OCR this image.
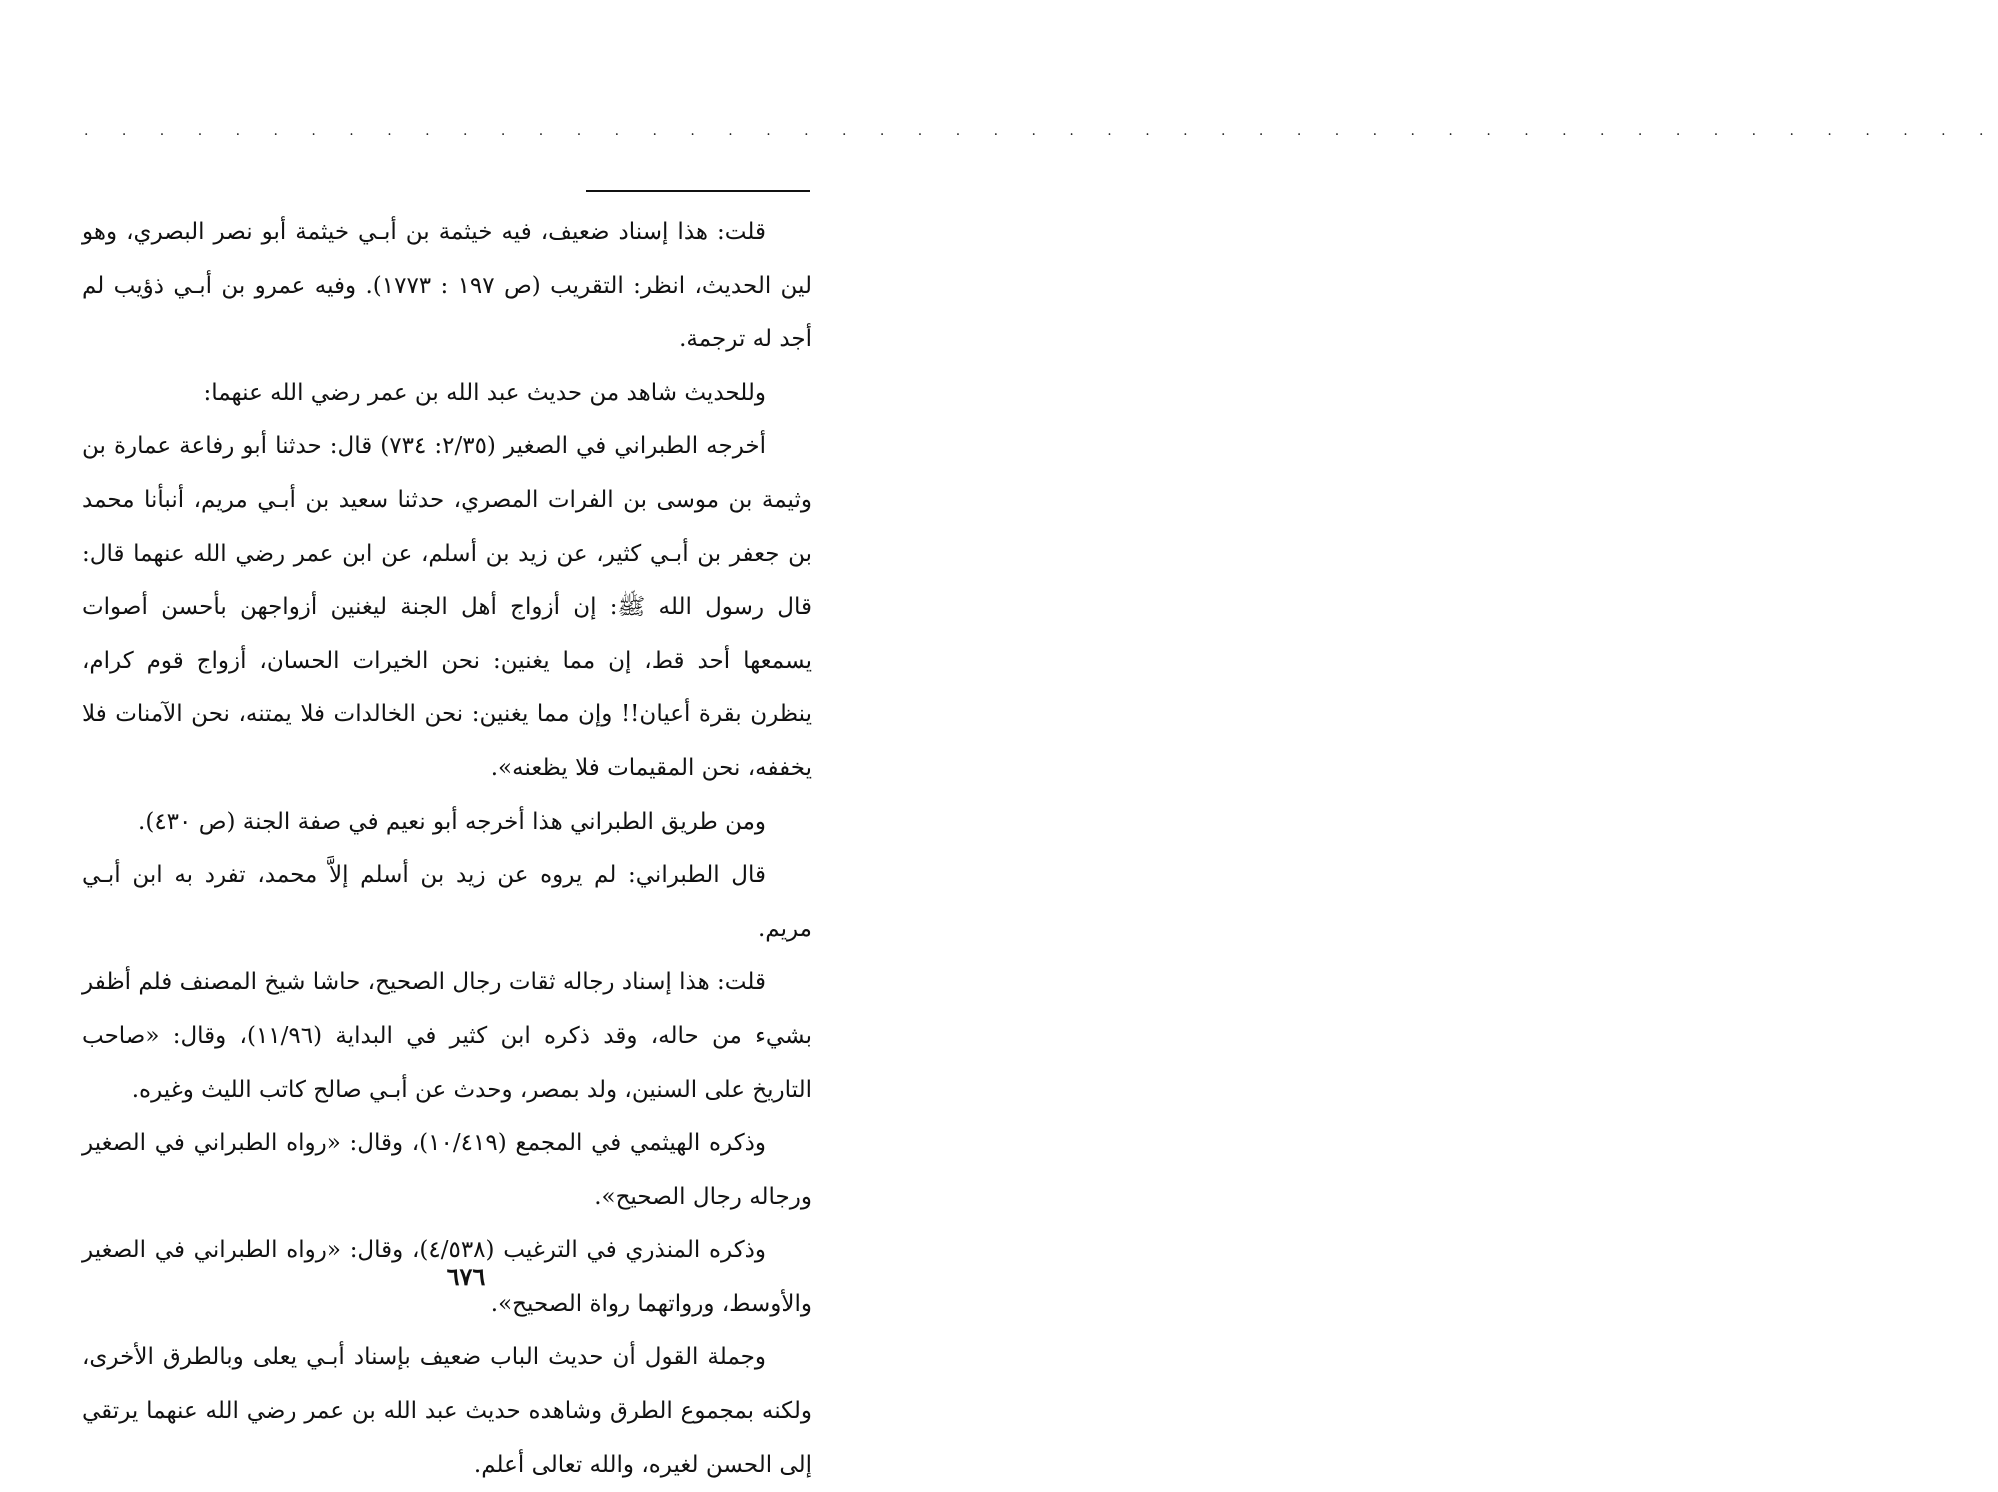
. . . . . . . . . . . . . . . . . . . . . . . . . . . . . . . . . . . . . . . . . . . . . . . . . . .

قلت: هذا إسناد ضعيف، فيه خيثمة بن أبـي خيثمة أبو نصر البصري، وهو لين الحديث، انظر: التقريب (ص ١٩٧ : ١٧٧٣). وفيه عمرو بن أبـي ذؤيب لم أجد له ترجمة.

وللحديث شاهد من حديث عبد الله بن عمر رضي الله عنهما:

أخرجه الطبراني في الصغير (٢/٣٥: ٧٣٤) قال: حدثنا أبو رفاعة عمارة بن وثيمة بن موسى بن الفرات المصري، حدثنا سعيد بن أبـي مريم، أنبأنا محمد بن جعفر بن أبـي كثير، عن زيد بن أسلم، عن ابن عمر رضي الله عنهما قال: قال رسول الله ﷺ: إن أزواج أهل الجنة ليغنين أزواجهن بأحسن أصوات يسمعها أحد قط، إن مما يغنين: نحن الخيرات الحسان، أزواج قوم كرام، ينظرن بقرة أعيان!! وإن مما يغنين: نحن الخالدات فلا يمتنه، نحن الآمنات فلا يخففه، نحن المقيمات فلا يظعنه».

ومن طريق الطبراني هذا أخرجه أبو نعيم في صفة الجنة (ص ٤٣٠).

قال الطبراني: لم يروه عن زيد بن أسلم إلاَّ محمد، تفرد به ابن أبـي مريم.

قلت: هذا إسناد رجاله ثقات رجال الصحيح، حاشا شيخ المصنف فلم أظفر بشيء من حاله، وقد ذكره ابن كثير في البداية (١١/٩٦)، وقال: «صاحب التاريخ على السنين، ولد بمصر، وحدث عن أبـي صالح كاتب الليث وغيره.

وذكره الهيثمي في المجمع (١٠/٤١٩)، وقال: «رواه الطبراني في الصغير ورجاله رجال الصحيح».

وذكره المنذري في الترغيب (٤/٥٣٨)، وقال: «رواه الطبراني في الصغير والأوسط، ورواتهما رواة الصحيح».

وجملة القول أن حديث الباب ضعيف بإسناد أبـي يعلى وبالطرق الأخرى، ولكنه بمجموع الطرق وشاهده حديث عبد الله بن عمر رضي الله عنهما يرتقي إلى الحسن لغيره، والله تعالى أعلم.

٦٧٦
